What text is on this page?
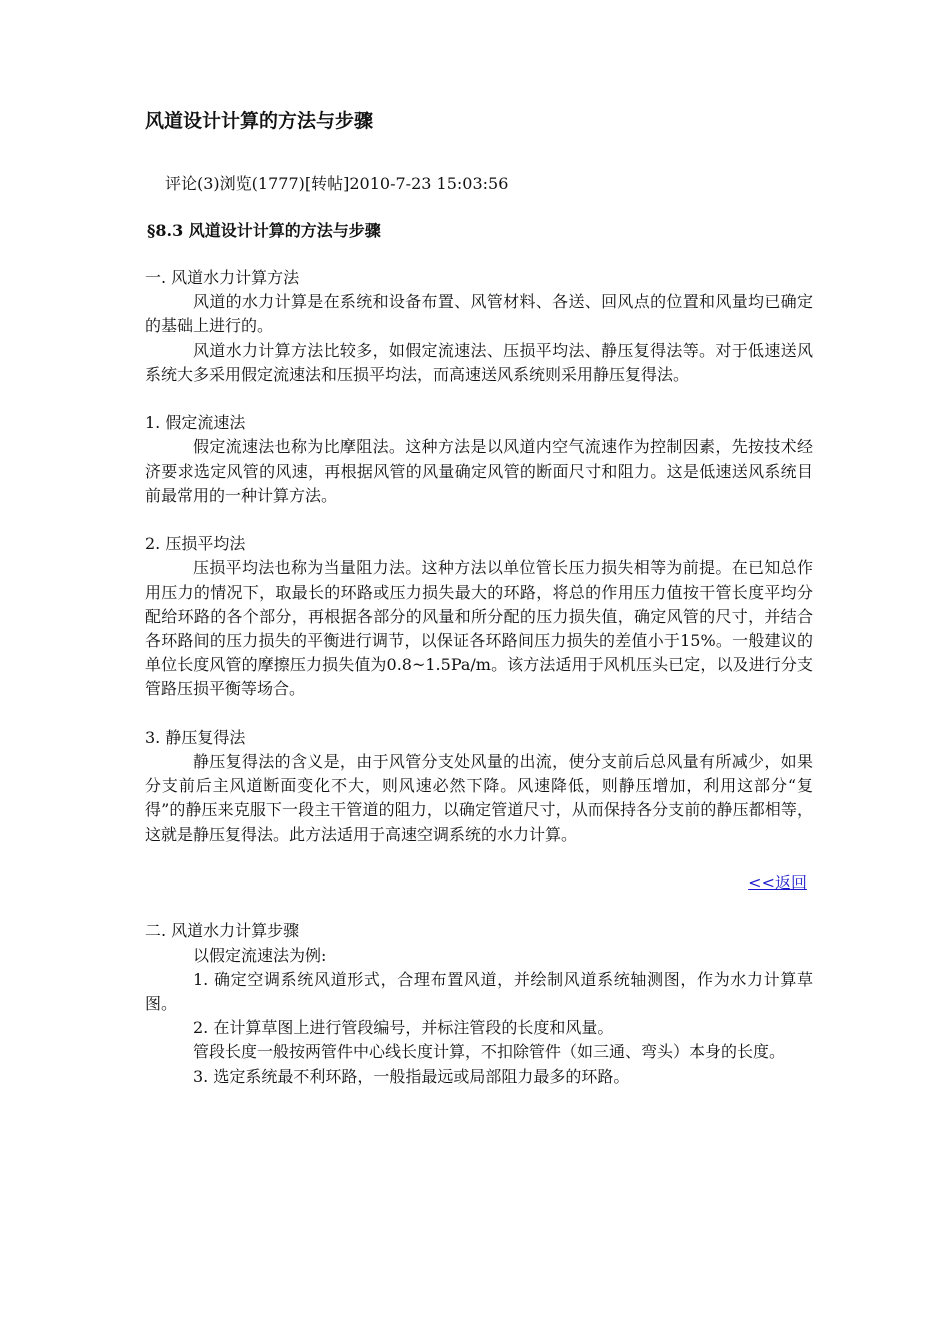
风道设计计算的方法与步骤
评论(3)浏览(1777)[转帖]2010-7-23 15:03:56
§8.3 风道设计计算的方法与步骤

一. 风道水力计算方法

风道的水力计算是在系统和设备布置、风管材料、各送、回风点的位置和风量均已确定的基础上进行的。

风道水力计算方法比较多，如假定流速法、压损平均法、静压复得法等。对于低速送风系统大多采用假定流速法和压损平均法，而高速送风系统则采用静压复得法。

1. 假定流速法

假定流速法也称为比摩阻法。这种方法是以风道内空气流速作为控制因素，先按技术经济要求选定风管的风速，再根据风管的风量确定风管的断面尺寸和阻力。这是低速送风系统目前最常用的一种计算方法。

2. 压损平均法

压损平均法也称为当量阻力法。这种方法以单位管长压力损失相等为前提。在已知总作用压力的情况下，取最长的环路或压力损失最大的环路，将总的作用压力值按干管长度平均分配给环路的各个部分，再根据各部分的风量和所分配的压力损失值，确定风管的尺寸，并结合各环路间的压力损失的平衡进行调节，以保证各环路间压力损失的差值小于15%。一般建议的单位长度风管的摩擦压力损失值为0.8~1.5Pa/m。该方法适用于风机压头已定，以及进行分支管路压损平衡等场合。

3. 静压复得法

静压复得法的含义是，由于风管分支处风量的出流，使分支前后总风量有所减少，如果分支前后主风道断面变化不大，则风速必然下降。风速降低，则静压增加，利用这部分“复得”的静压来克服下一段主干管道的阻力，以确定管道尺寸，从而保持各分支前的静压都相等，这就是静压复得法。此方法适用于高速空调系统的水力计算。

<<返回

二. 风道水力计算步骤

以假定流速法为例:

1. 确定空调系统风道形式，合理布置风道，并绘制风道系统轴测图，作为水力计算草图。

2. 在计算草图上进行管段编号，并标注管段的长度和风量。

管段长度一般按两管件中心线长度计算，不扣除管件（如三通、弯头）本身的长度。

3. 选定系统最不利环路，一般指最远或局部阻力最多的环路。
